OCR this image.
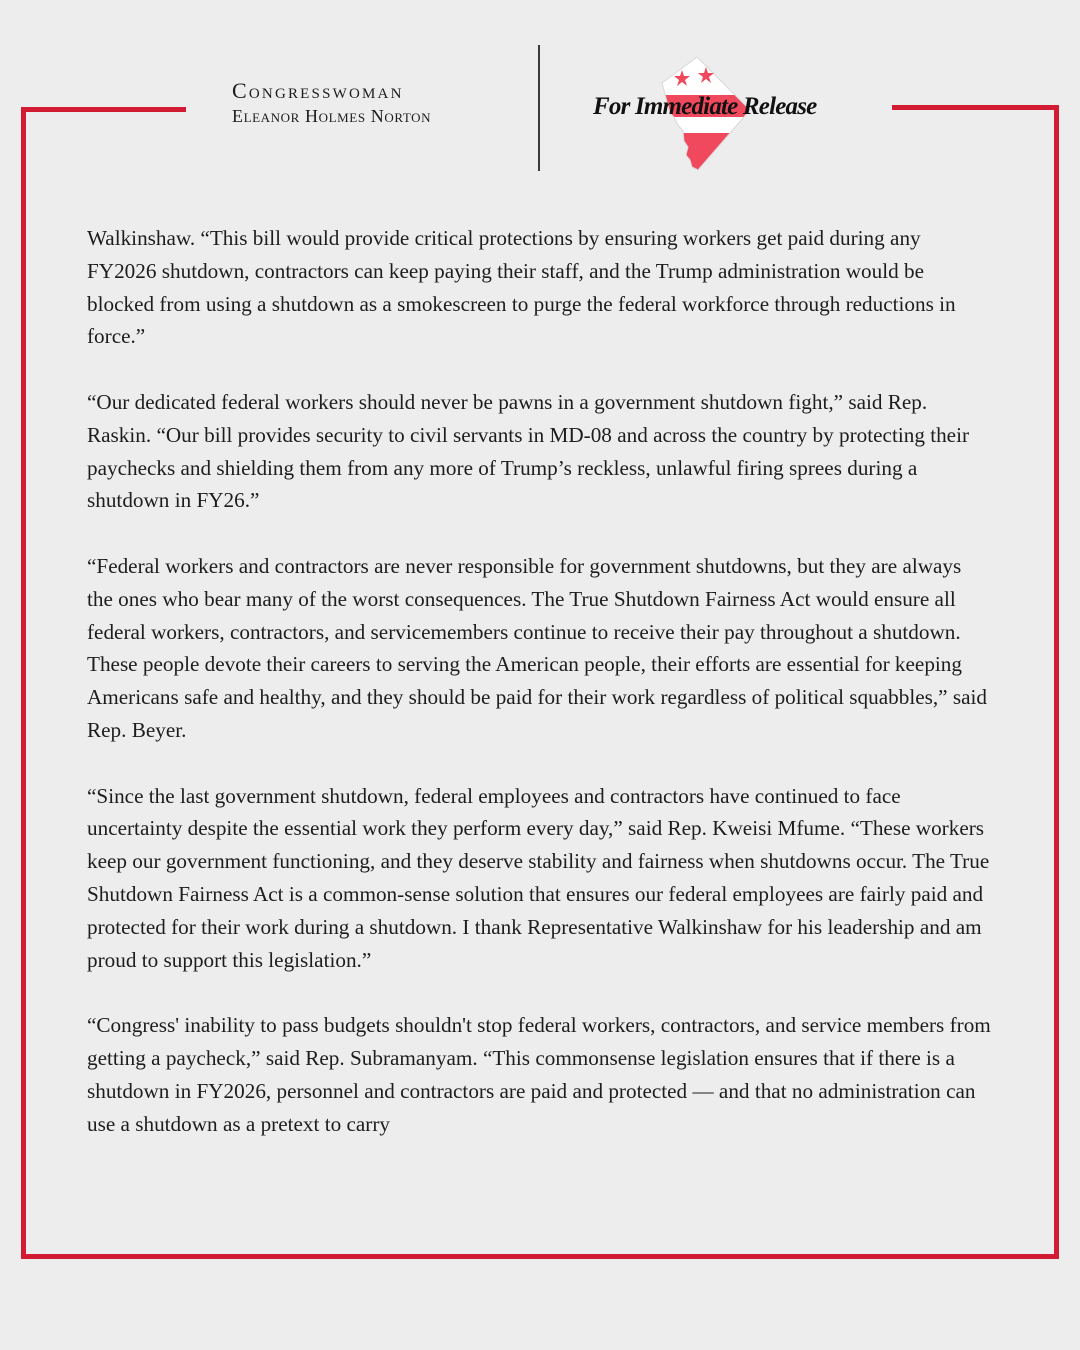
Congresswoman
Eleanor Holmes Norton	For Immediate Release

Walkinshaw. “This bill would provide critical protections by ensuring workers get paid during any FY2026 shutdown, contractors can keep paying their staff, and the Trump administration would be blocked from using a shutdown as a smokescreen to purge the federal workforce through reductions in force.”

“Our dedicated federal workers should never be pawns in a government shutdown fight,” said Rep. Raskin. “Our bill provides security to civil servants in MD-08 and across the country by protecting their paychecks and shielding them from any more of Trump’s reckless, unlawful firing sprees during a shutdown in FY26.”

“Federal workers and contractors are never responsible for government shutdowns, but they are always the ones who bear many of the worst consequences. The True Shutdown Fairness Act would ensure all federal workers, contractors, and servicemembers continue to receive their pay throughout a shutdown. These people devote their careers to serving the American people, their efforts are essential for keeping Americans safe and healthy, and they should be paid for their work regardless of political squabbles,” said Rep. Beyer.

“Since the last government shutdown, federal employees and contractors have continued to face uncertainty despite the essential work they perform every day,” said Rep. Kweisi Mfume. “These workers keep our government functioning, and they deserve stability and fairness when shutdowns occur. The True Shutdown Fairness Act is a common-sense solution that ensures our federal employees are fairly paid and protected for their work during a shutdown. I thank Representative Walkinshaw for his leadership and am proud to support this legislation.”

“Congress' inability to pass budgets shouldn't stop federal workers, contractors, and service members from getting a paycheck,” said Rep. Subramanyam. “This commonsense legislation ensures that if there is a shutdown in FY2026, personnel and contractors are paid and protected — and that no administration can use a shutdown as a pretext to carry
